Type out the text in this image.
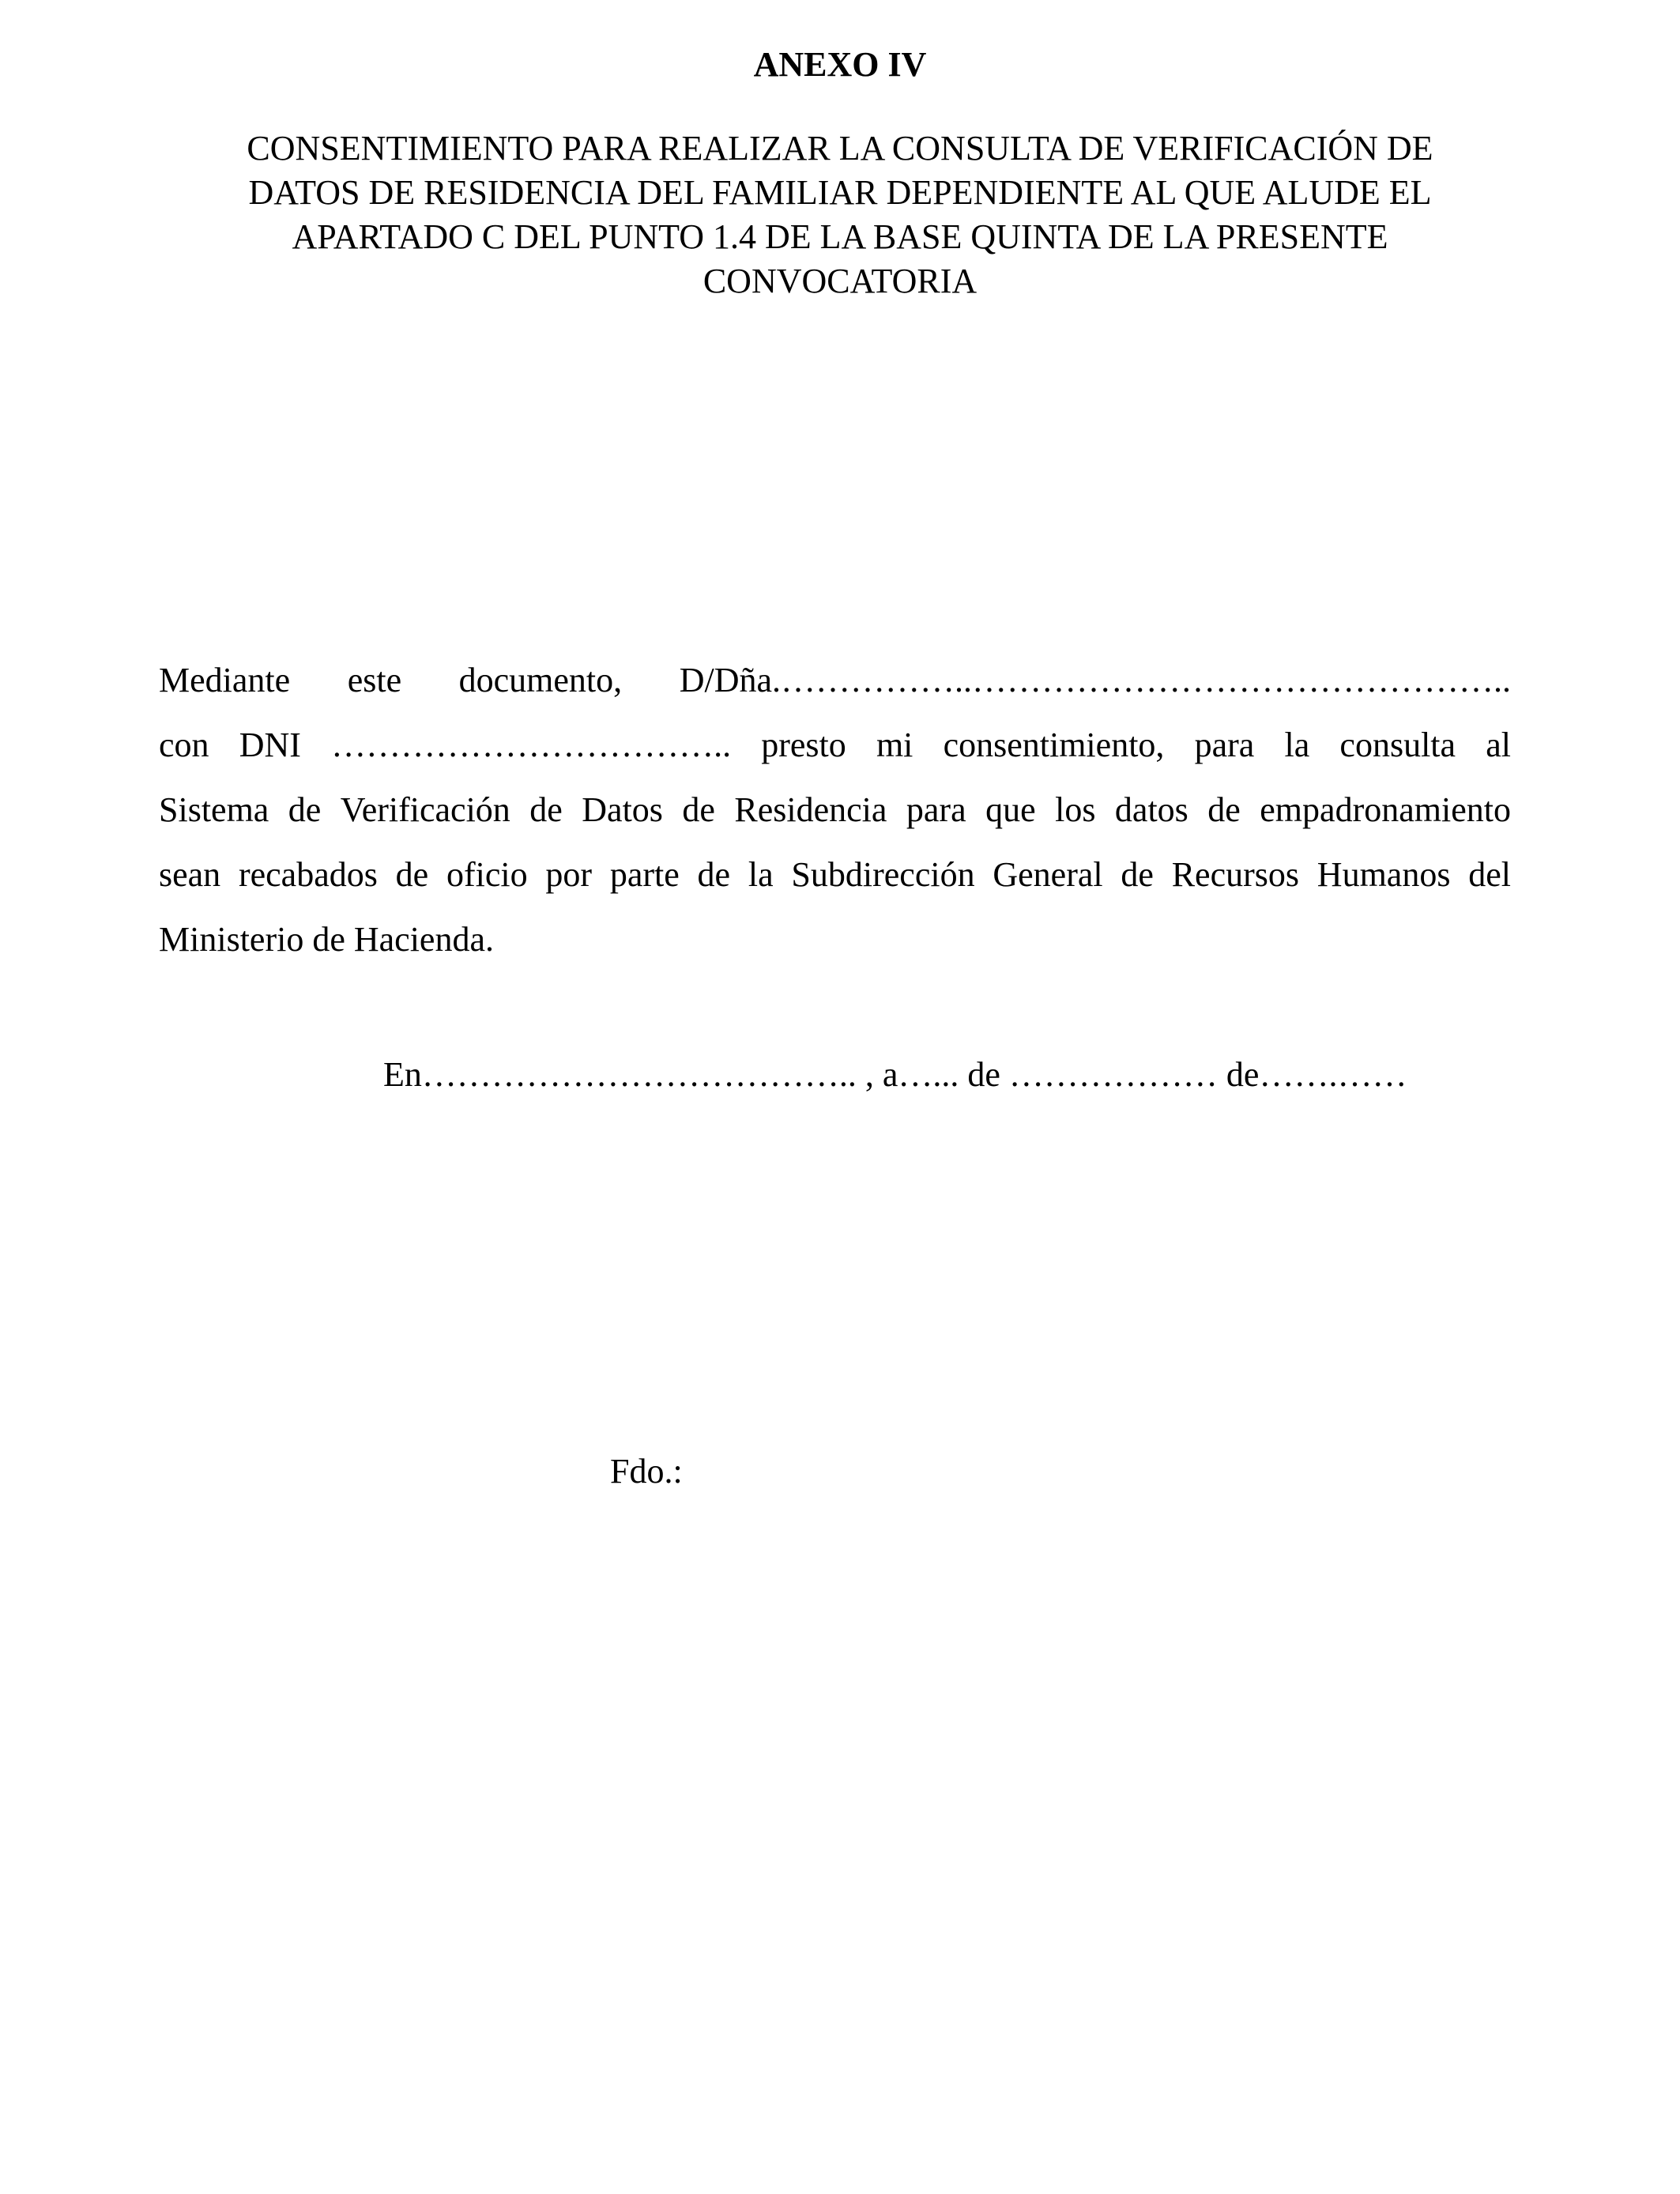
ANEXO IV
CONSENTIMIENTO PARA REALIZAR LA CONSULTA DE VERIFICACIÓN DE
DATOS DE RESIDENCIA DEL FAMILIAR DEPENDIENTE AL QUE ALUDE EL
APARTADO C DEL PUNTO 1.4 DE LA BASE QUINTA DE LA PRESENTE
CONVOCATORIA
Mediante este documento, D/Dña.……………..………………………………………..
con DNI …………………………….. presto mi consentimiento, para la consulta al
Sistema de Verificación de Datos de Residencia para que los datos de empadronamiento
sean recabados de oficio por parte de la Subdirección General de Recursos Humanos del
Ministerio de Hacienda.
En……………………………….. , a…... de ……………… de…….……
Fdo.:
